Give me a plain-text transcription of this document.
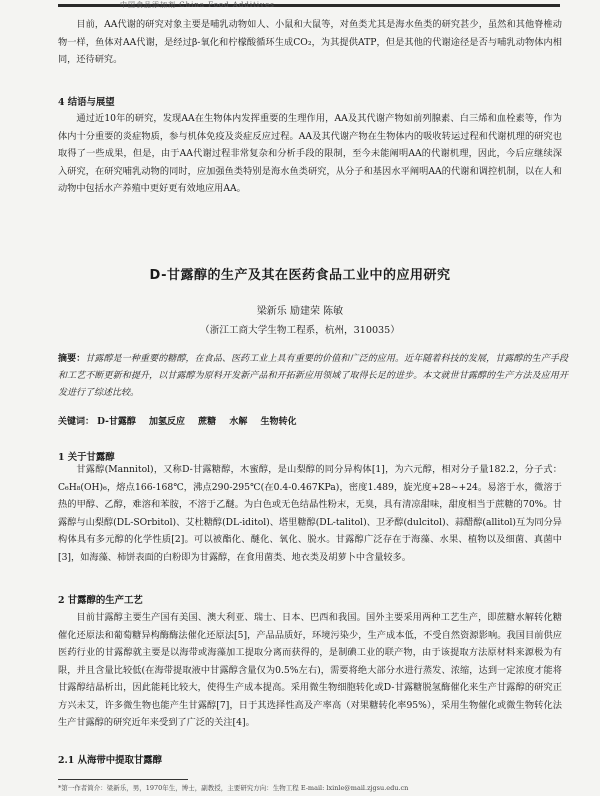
中国食品添加剂 China Food Additives

目前，AA代谢的研究对象主要是哺乳动物如人、小鼠和大鼠等，对鱼类尤其是海水鱼类的研究甚少，虽然和其他脊椎动物一样，鱼体对AA代谢，是经过β-氧化和柠檬酸循环生成CO₂，为其提供ATP，但是其他的代谢途径是否与哺乳动物体内相同，还待研究。

4 结语与展望

通过近10年的研究，发现AA在生物体内发挥重要的生理作用，AA及其代谢产物如前列腺素、白三烯和血栓素等，作为体内十分重要的炎症物质，参与机体免疫及炎症反应过程。AA及其代谢产物在生物体内的吸收转运过程和代谢机理的研究也取得了一些成果，但是，由于AA代谢过程非常复杂和分析手段的限制，至今未能阐明AA的代谢机理，因此，今后应继续深入研究，在研究哺乳动物的同时，应加强鱼类特别是海水鱼类研究，从分子和基因水平阐明AA的代谢和调控机制，以在人和动物中包括水产养殖中更好更有效地应用AA。

D-甘露醇的生产及其在医药食品工业中的应用研究
梁新乐 励建荣 陈敏
（浙江工商大学生物工程系，杭州，310035）

摘要：甘露醇是一种重要的糖醇，在食品、医药工业上具有重要的价值和广泛的应用。近年随着科技的发展，甘露醇的生产手段和工艺不断更新和提升，以甘露醇为原料开发新产品和开拓新应用领域了取得长足的进步。本文就世甘露醇的生产方法及应用开发进行了综述比较。

关键词： D-甘露醇 加氢反应 蔗糖 水解 生物转化
1 关于甘露醇

甘露醇(Mannitol)，又称D-甘露糖醇，木蜜醇，是山梨醇的同分异构体[1]，为六元醇，相对分子量182.2，分子式：C₆H₈(OH)₆，熔点166-168℃，沸点290-295℃(在0.4-0.467KPa)，密度1.489，旋光度+28~+24。易溶于水，微溶于热的甲醇、乙醇，难溶和苯胺，不溶于乙醚。为白色或无色结晶性粉末，无臭，具有清凉甜味，甜度相当于蔗糖的70%。甘露醇与山梨醇(DL-SOrbitol)、艾杜糖醇(DL-iditol)、塔里糖醇(DL-talitol)、卫矛醇(dulcitol)、蒜醋醇(allitol)互为同分异构体具有多元醇的化学性质[2]。可以被酯化、醚化、氧化、脱水。甘露醇广泛存在于海藻、水果、植物以及细菌、真菌中[3]，如海藻、柿饼表面的白粉即为甘露醇，在食用菌类、地衣类及胡萝卜中含量较多。

2 甘露醇的生产工艺

目前甘露醇主要生产国有美国、澳大利亚、瑞士、日本、巴西和我国。国外主要采用两种工艺生产，即蔗糖水解转化糖催化还原法和葡萄糖异构酶酶法催化还原法[5]，产品品质好，环境污染少，生产成本低，不受自然资源影响。我国目前供应医药行业的甘露醇就主要是以海带或海藻加工提取分离而获得的，是制碘工业的联产物，由于该提取方法原材料来源极为有限，并且含量比较低(在海带提取液中甘露醇含量仅为0.5%左右)，需要将绝大部分水进行蒸发、浓缩，达到一定浓度才能将甘露醇结晶析出，因此能耗比较大，使得生产成本提高。采用微生物细胞转化或D-甘露糖脱氢酶催化来生产甘露醇的研究正方兴未艾，许多微生物也能产生甘露醇[7]，日于其选择性高及产率高（对果糖转化率95%），采用生物催化或微生物转化法生产甘露醇的研究近年来受到了广泛的关注[4]。

2.1 从海带中提取甘露醇
*第一作者简介：梁新乐，男，1970年生，博士，副教授，主要研究方向：生物工程 E-mail: lxinle@mail.zjgsu.edu.cn
